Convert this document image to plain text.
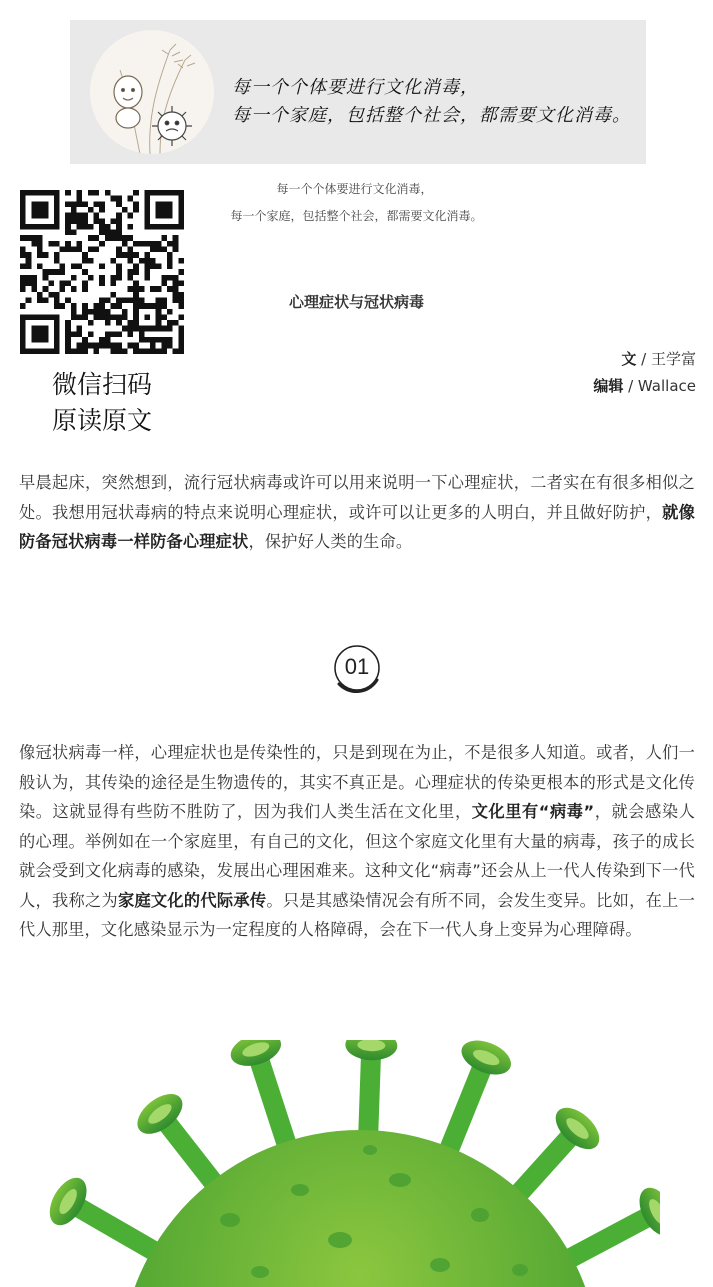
每一个个体要进行文化消毒，
每一个家庭，包括整个社会，都需要文化消毒。
微信扫码
原读原文
每一个个体要进行文化消毒，
每一个家庭，包括整个社会，都需要文化消毒。
心理症状与冠状病毒
文 / 王学富
编辑 / Wallace

早晨起床，突然想到，流行冠状病毒或许可以用来说明一下心理症状，二者实在有很多相似之处。我想用冠状毒病的特点来说明心理症状，或许可以让更多的人明白，并且做好防护，就像防备冠状病毒一样防备心理症状，保护好人类的生命。

01

像冠状病毒一样，心理症状也是传染性的，只是到现在为止，不是很多人知道。或者，人们一般认为，其传染的途径是生物遗传的，其实不真正是。心理症状的传染更根本的形式是文化传染。这就显得有些防不胜防了，因为我们人类生活在文化里，文化里有“病毒”，就会感染人的心理。举例如在一个家庭里，有自己的文化，但这个家庭文化里有大量的病毒，孩子的成长就会受到文化病毒的感染，发展出心理困难来。这种文化“病毒”还会从上一代人传染到下一代人，我称之为家庭文化的代际承传。只是其感染情况会有所不同，会发生变异。比如，在上一代人那里，文化感染显示为一定程度的人格障碍，会在下一代人身上变异为心理障碍。
